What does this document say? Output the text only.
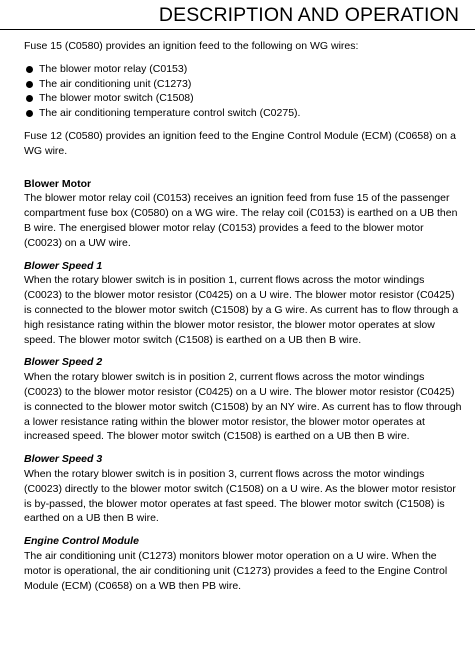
DESCRIPTION AND OPERATION

Fuse 15 (C0580) provides an ignition feed to the following on WG wires:

The blower motor relay (C0153)
The air conditioning unit (C1273)
The blower motor switch (C1508)
The air conditioning temperature control switch (C0275).

Fuse 12 (C0580) provides an ignition feed to the Engine Control Module (ECM) (C0658) on a WG wire.

Blower Motor

The blower motor relay coil (C0153) receives an ignition feed from fuse 15 of the passenger compartment fuse box (C0580) on a WG wire. The relay coil (C0153) is earthed on a UB then B wire. The energised blower motor relay (C0153) provides a feed to the blower motor (C0023) on a UW wire.

Blower Speed 1

When the rotary blower switch is in position 1, current flows across the motor windings (C0023) to the blower motor resistor (C0425) on a U wire. The blower motor resistor (C0425) is connected to the blower motor switch (C1508) by a G wire. As current has to flow through a high resistance rating within the blower motor resistor, the blower motor operates at slow speed. The blower motor switch (C1508) is earthed on a UB then B wire.

Blower Speed 2

When the rotary blower switch is in position 2, current flows across the motor windings (C0023) to the blower motor resistor (C0425) on a U wire. The blower motor resistor (C0425) is connected to the blower motor switch (C1508) by an NY wire. As current has to flow through a lower resistance rating within the blower motor resistor, the blower motor operates at increased speed. The blower motor switch (C1508) is earthed on a UB then B wire.

Blower Speed 3

When the rotary blower switch is in position 3, current flows across the motor windings (C0023) directly to the blower motor switch (C1508) on a U wire. As the blower motor resistor is by-passed, the blower motor operates at fast speed. The blower motor switch (C1508) is earthed on a UB then B wire.

Engine Control Module

The air conditioning unit (C1273) monitors blower motor operation on a U wire. When the motor is operational, the air conditioning unit (C1273) provides a feed to the Engine Control Module (ECM) (C0658) on a WB then PB wire.
